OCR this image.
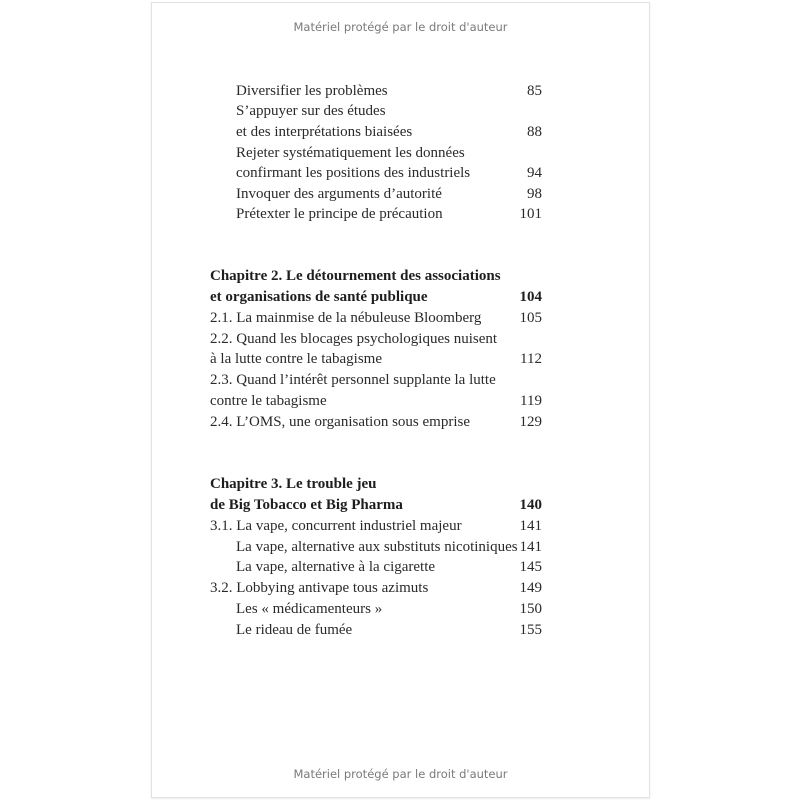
Matériel protégé par le droit d'auteur
Diversifier les problèmes	85
S’appuyer sur des études
et des interprétations biaisées	88
Rejeter systématiquement les données
confirmant les positions des industriels	94
Invoquer des arguments d’autorité	98
Prétexter le principe de précaution	101
Chapitre 2. Le détournement des associations
et organisations de santé publique	104
2.1. La mainmise de la nébuleuse Bloomberg	105
2.2. Quand les blocages psychologiques nuisent
à la lutte contre le tabagisme	112
2.3. Quand l’intérêt personnel supplante la lutte
contre le tabagisme	119
2.4. L’OMS, une organisation sous emprise	129
Chapitre 3. Le trouble jeu
de Big Tobacco et Big Pharma	140
3.1. La vape, concurrent industriel majeur	141
La vape, alternative aux substituts nicotiniques 141
La vape, alternative à la cigarette	145
3.2. Lobbying antivape tous azimuts	149
Les « médicamenteurs »	150
Le rideau de fumée	155
Matériel protégé par le droit d'auteur
